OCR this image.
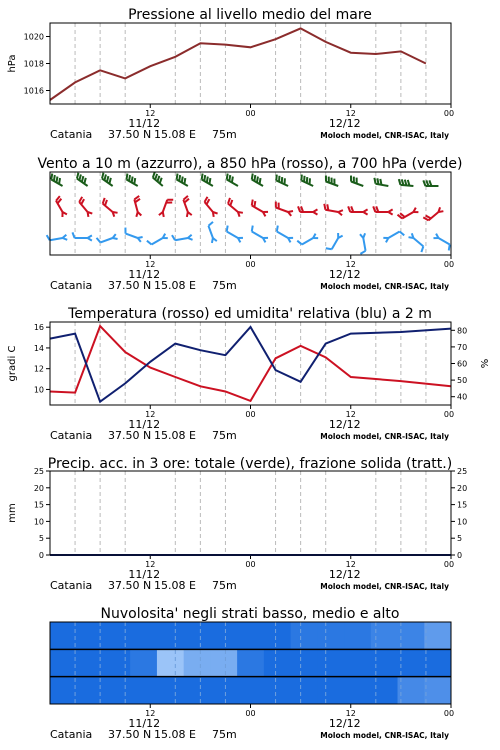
Pressione al livello medio del mare
12	00	12	00
11/12	12/12
Catania 37.50 N 15.08 E 75m	Moloch model, CNR-ISAC, Italy
1016
1018
1020
hPa
Vento a 10 m (azzurro), a 850 hPa (rosso), a 700 hPa (verde)
12	00	12	00
11/12	12/12
Catania 37.50 N 15.08 E 75m	Moloch model, CNR-ISAC, Italy
Temperatura (rosso) ed umidita' relativa (blu) a 2 m
12	00	12	00
11/12	12/12
Catania 37.50 N 15.08 E 75m	Moloch model, CNR-ISAC, Italy
10
12
14
16
40
50
60
70
80
gradi C	%
Precip. acc. in 3 ore: totale (verde), frazione solida (tratt.)
12	00	12	00
11/12	12/12
Catania 37.50 N 15.08 E 75m	Moloch model, CNR-ISAC, Italy
0	0
5	5
10	10
15	15
20	20
25	25
mm
Nuvolosita' negli strati basso, medio e alto
12	00	12	00
11/12	12/12
Catania 37.50 N 15.08 E 75m	Moloch model, CNR-ISAC, Italy
